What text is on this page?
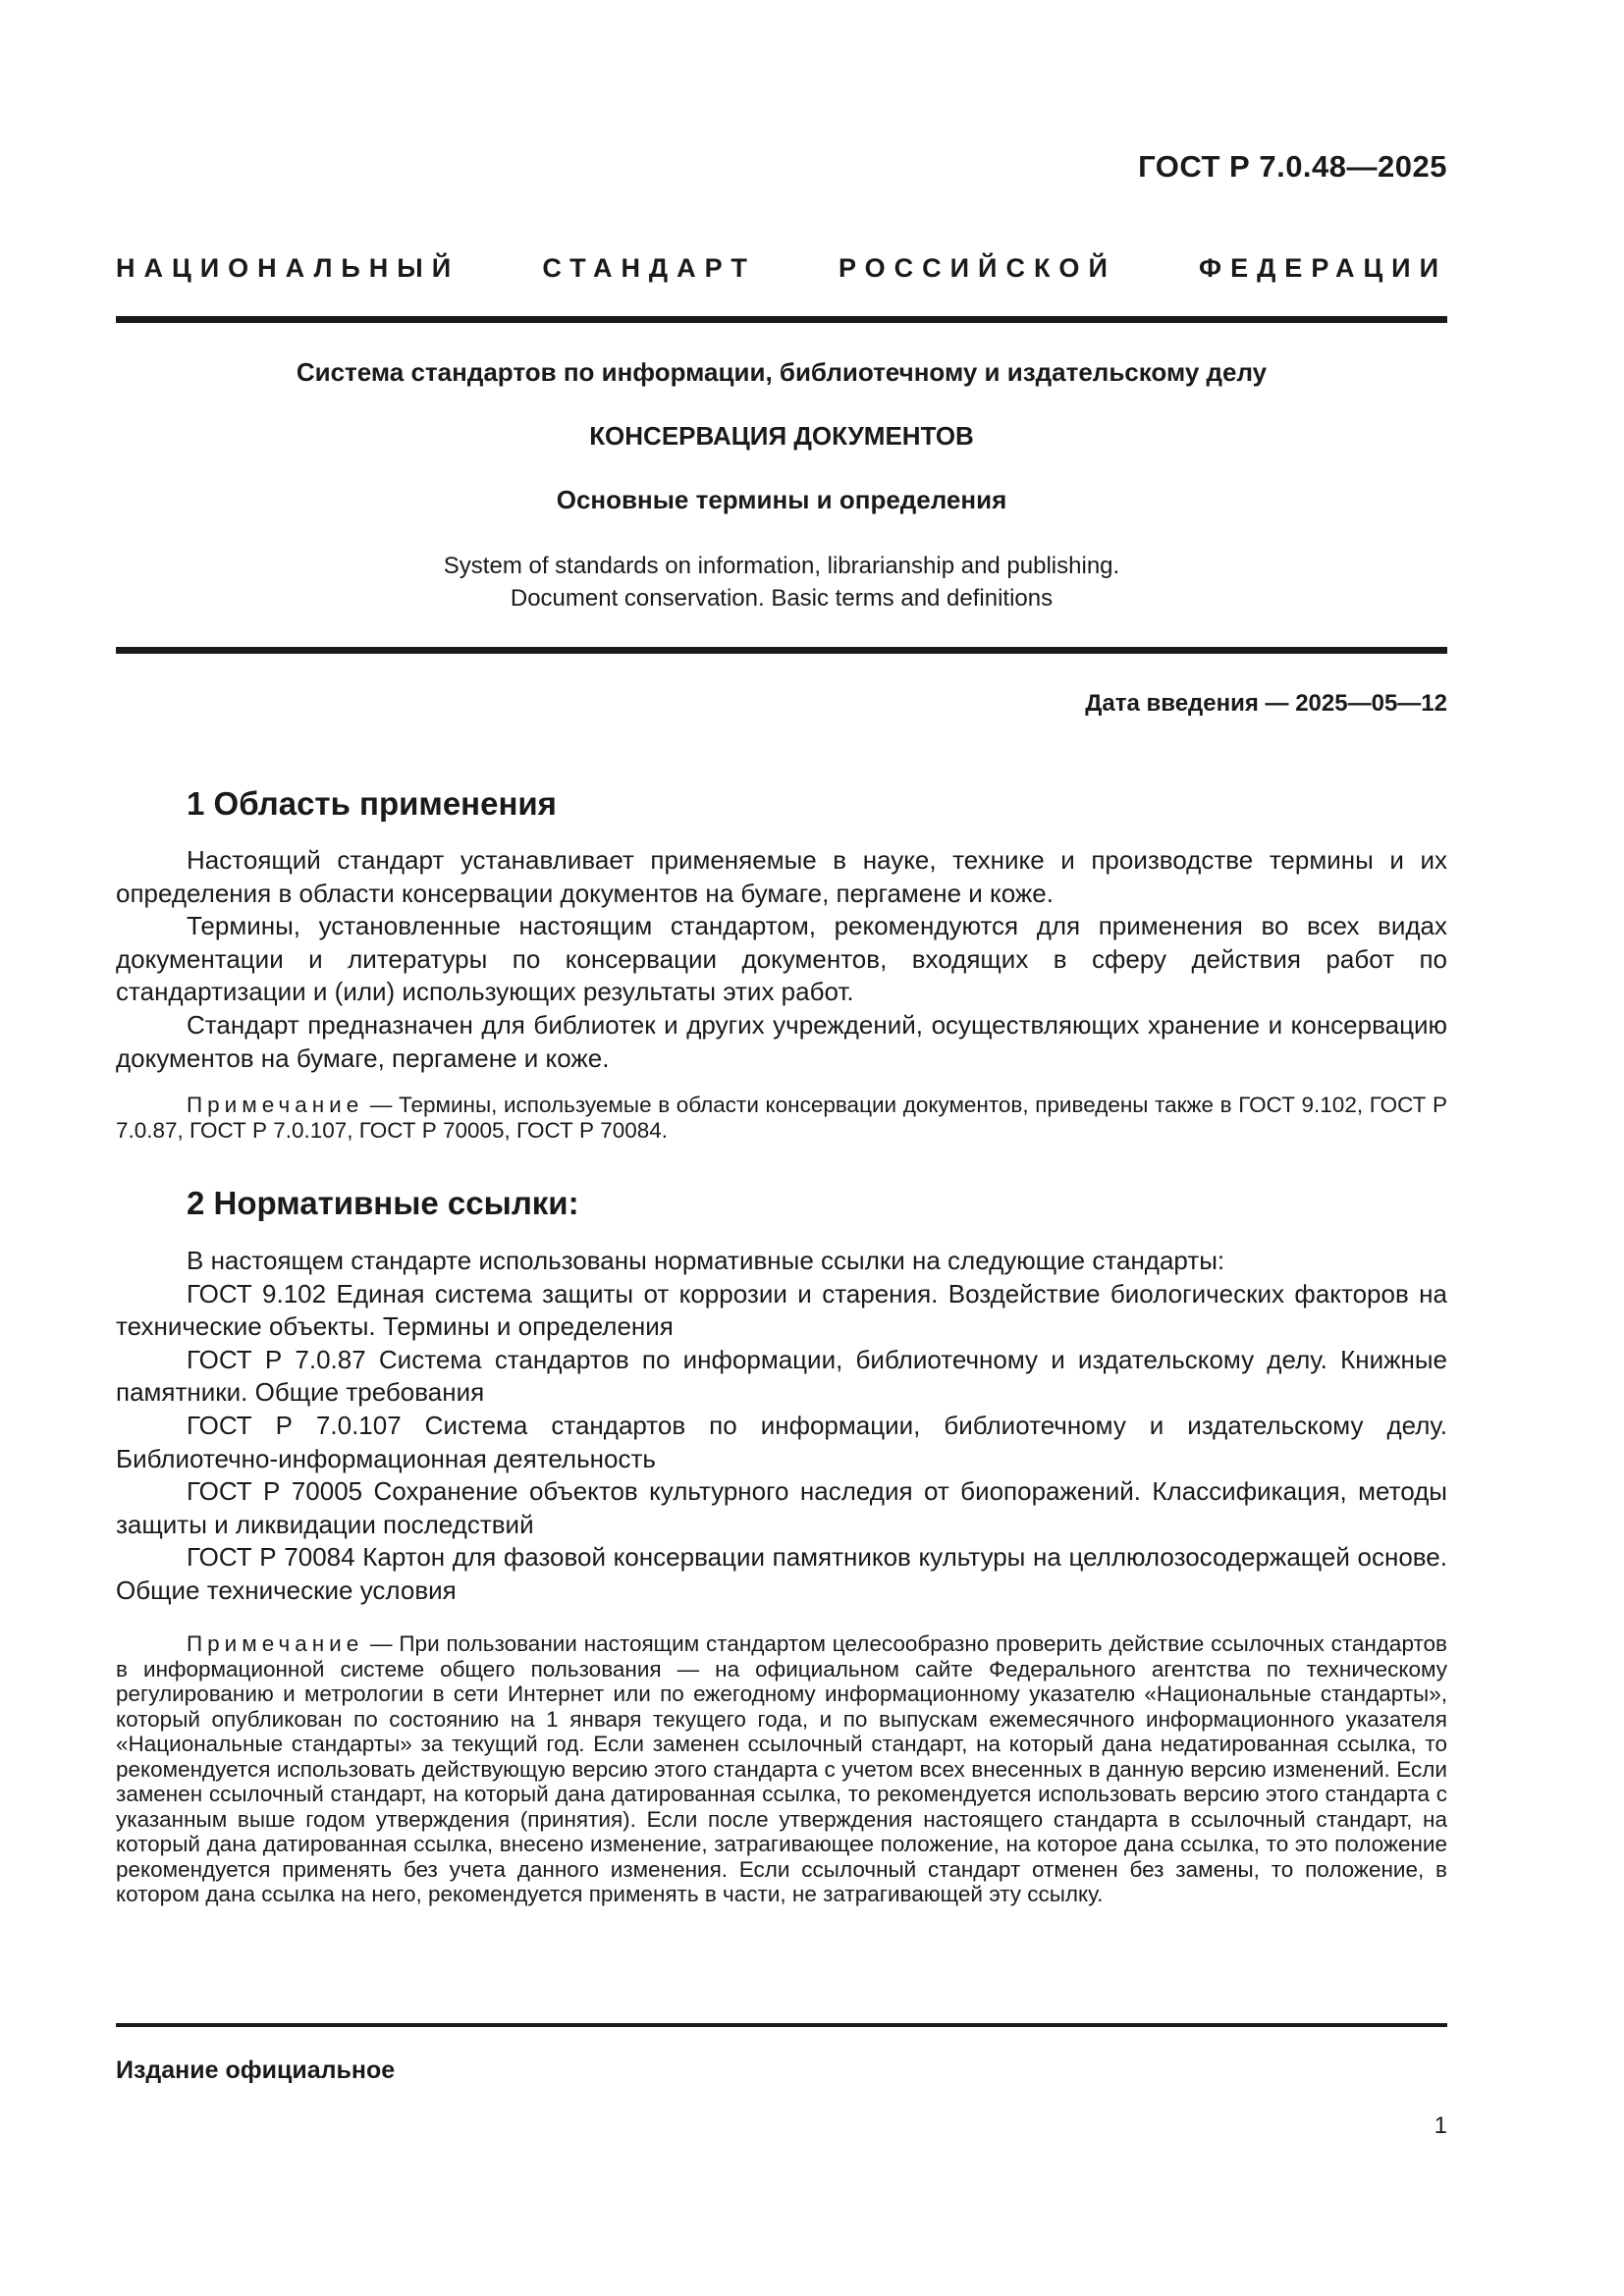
ГОСТ Р 7.0.48—2025
НАЦИОНАЛЬНЫЙ СТАНДАРТ РОССИЙСКОЙ ФЕДЕРАЦИИ
Система стандартов по информации, библиотечному и издательскому делу
КОНСЕРВАЦИЯ ДОКУМЕНТОВ
Основные термины и определения
System of standards on information, librarianship and publishing.
Document conservation. Basic terms and definitions
Дата введения — 2025—05—12
1 Область применения

Настоящий стандарт устанавливает применяемые в науке, технике и производстве термины и их определения в области консервации документов на бумаге, пергамене и коже.

Термины, установленные настоящим стандартом, рекомендуются для применения во всех видах документации и литературы по консервации документов, входящих в сферу действия работ по стандартизации и (или) использующих результаты этих работ.

Стандарт предназначен для библиотек и других учреждений, осуществляющих хранение и консервацию документов на бумаге, пергамене и коже.

Примечание — Термины, используемые в области консервации документов, приведены также в ГОСТ 9.102, ГОСТ Р 7.0.87, ГОСТ Р 7.0.107, ГОСТ Р 70005, ГОСТ Р 70084.

2 Нормативные ссылки:

В настоящем стандарте использованы нормативные ссылки на следующие стандарты:

ГОСТ 9.102 Единая система защиты от коррозии и старения. Воздействие биологических факторов на технические объекты. Термины и определения

ГОСТ Р 7.0.87 Система стандартов по информации, библиотечному и издательскому делу. Книжные памятники. Общие требования

ГОСТ Р 7.0.107 Система стандартов по информации, библиотечному и издательскому делу. Библиотечно-информационная деятельность

ГОСТ Р 70005 Сохранение объектов культурного наследия от биопоражений. Классификация, методы защиты и ликвидации последствий

ГОСТ Р 70084 Картон для фазовой консервации памятников культуры на целлюлозосодержащей основе. Общие технические условия

Примечание — При пользовании настоящим стандартом целесообразно проверить действие ссылочных стандартов в информационной системе общего пользования — на официальном сайте Федерального агентства по техническому регулированию и метрологии в сети Интернет или по ежегодному информационному указателю «Национальные стандарты», который опубликован по состоянию на 1 января текущего года, и по выпускам ежемесячного информационного указателя «Национальные стандарты» за текущий год. Если заменен ссылочный стандарт, на который дана недатированная ссылка, то рекомендуется использовать действующую версию этого стандарта с учетом всех внесенных в данную версию изменений. Если заменен ссылочный стандарт, на который дана датированная ссылка, то рекомендуется использовать версию этого стандарта с указанным выше годом утверждения (принятия). Если после утверждения настоящего стандарта в ссылочный стандарт, на который дана датированная ссылка, внесено изменение, затрагивающее положение, на которое дана ссылка, то это положение рекомендуется применять без учета данного изменения. Если ссылочный стандарт отменен без замены, то положение, в котором дана ссылка на него, рекомендуется применять в части, не затрагивающей эту ссылку.

Издание официальное
1
